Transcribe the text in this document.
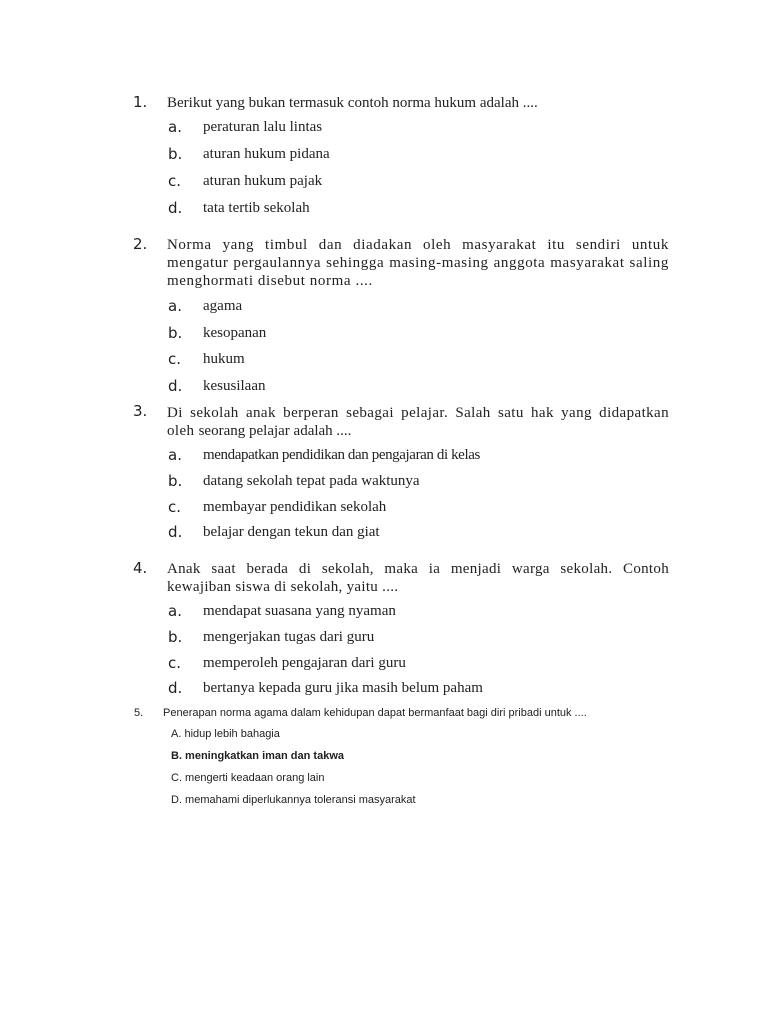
1. Berikut yang bukan termasuk contoh norma hukum adalah ....
a. peraturan lalu lintas
b. aturan hukum pidana
c. aturan hukum pajak
d. tata tertib sekolah
2. Norma yang timbul dan diadakan oleh masyarakat itu sendiri untuk mengatur pergaulannya sehingga masing-masing anggota masyarakat saling menghormati disebut norma ....
a. agama
b. kesopanan
c. hukum
d. kesusilaan
3. Di sekolah anak berperan sebagai pelajar. Salah satu hak yang didapatkan oleh seorang pelajar adalah ....
a. mendapatkan pendidikan dan pengajaran di kelas
b. datang sekolah tepat pada waktunya
c. membayar pendidikan sekolah
d. belajar dengan tekun dan giat
4. Anak saat berada di sekolah, maka ia menjadi warga sekolah. Contoh kewajiban siswa di sekolah, yaitu ....
a. mendapat suasana yang nyaman
b. mengerjakan tugas dari guru
c. memperoleh pengajaran dari guru
d. bertanya kepada guru jika masih belum paham
5. Penerapan norma agama dalam kehidupan dapat bermanfaat bagi diri pribadi untuk ....
A. hidup lebih bahagia
B. meningkatkan iman dan takwa
C. mengerti keadaan orang lain
D. memahami diperlukannya toleransi masyarakat
